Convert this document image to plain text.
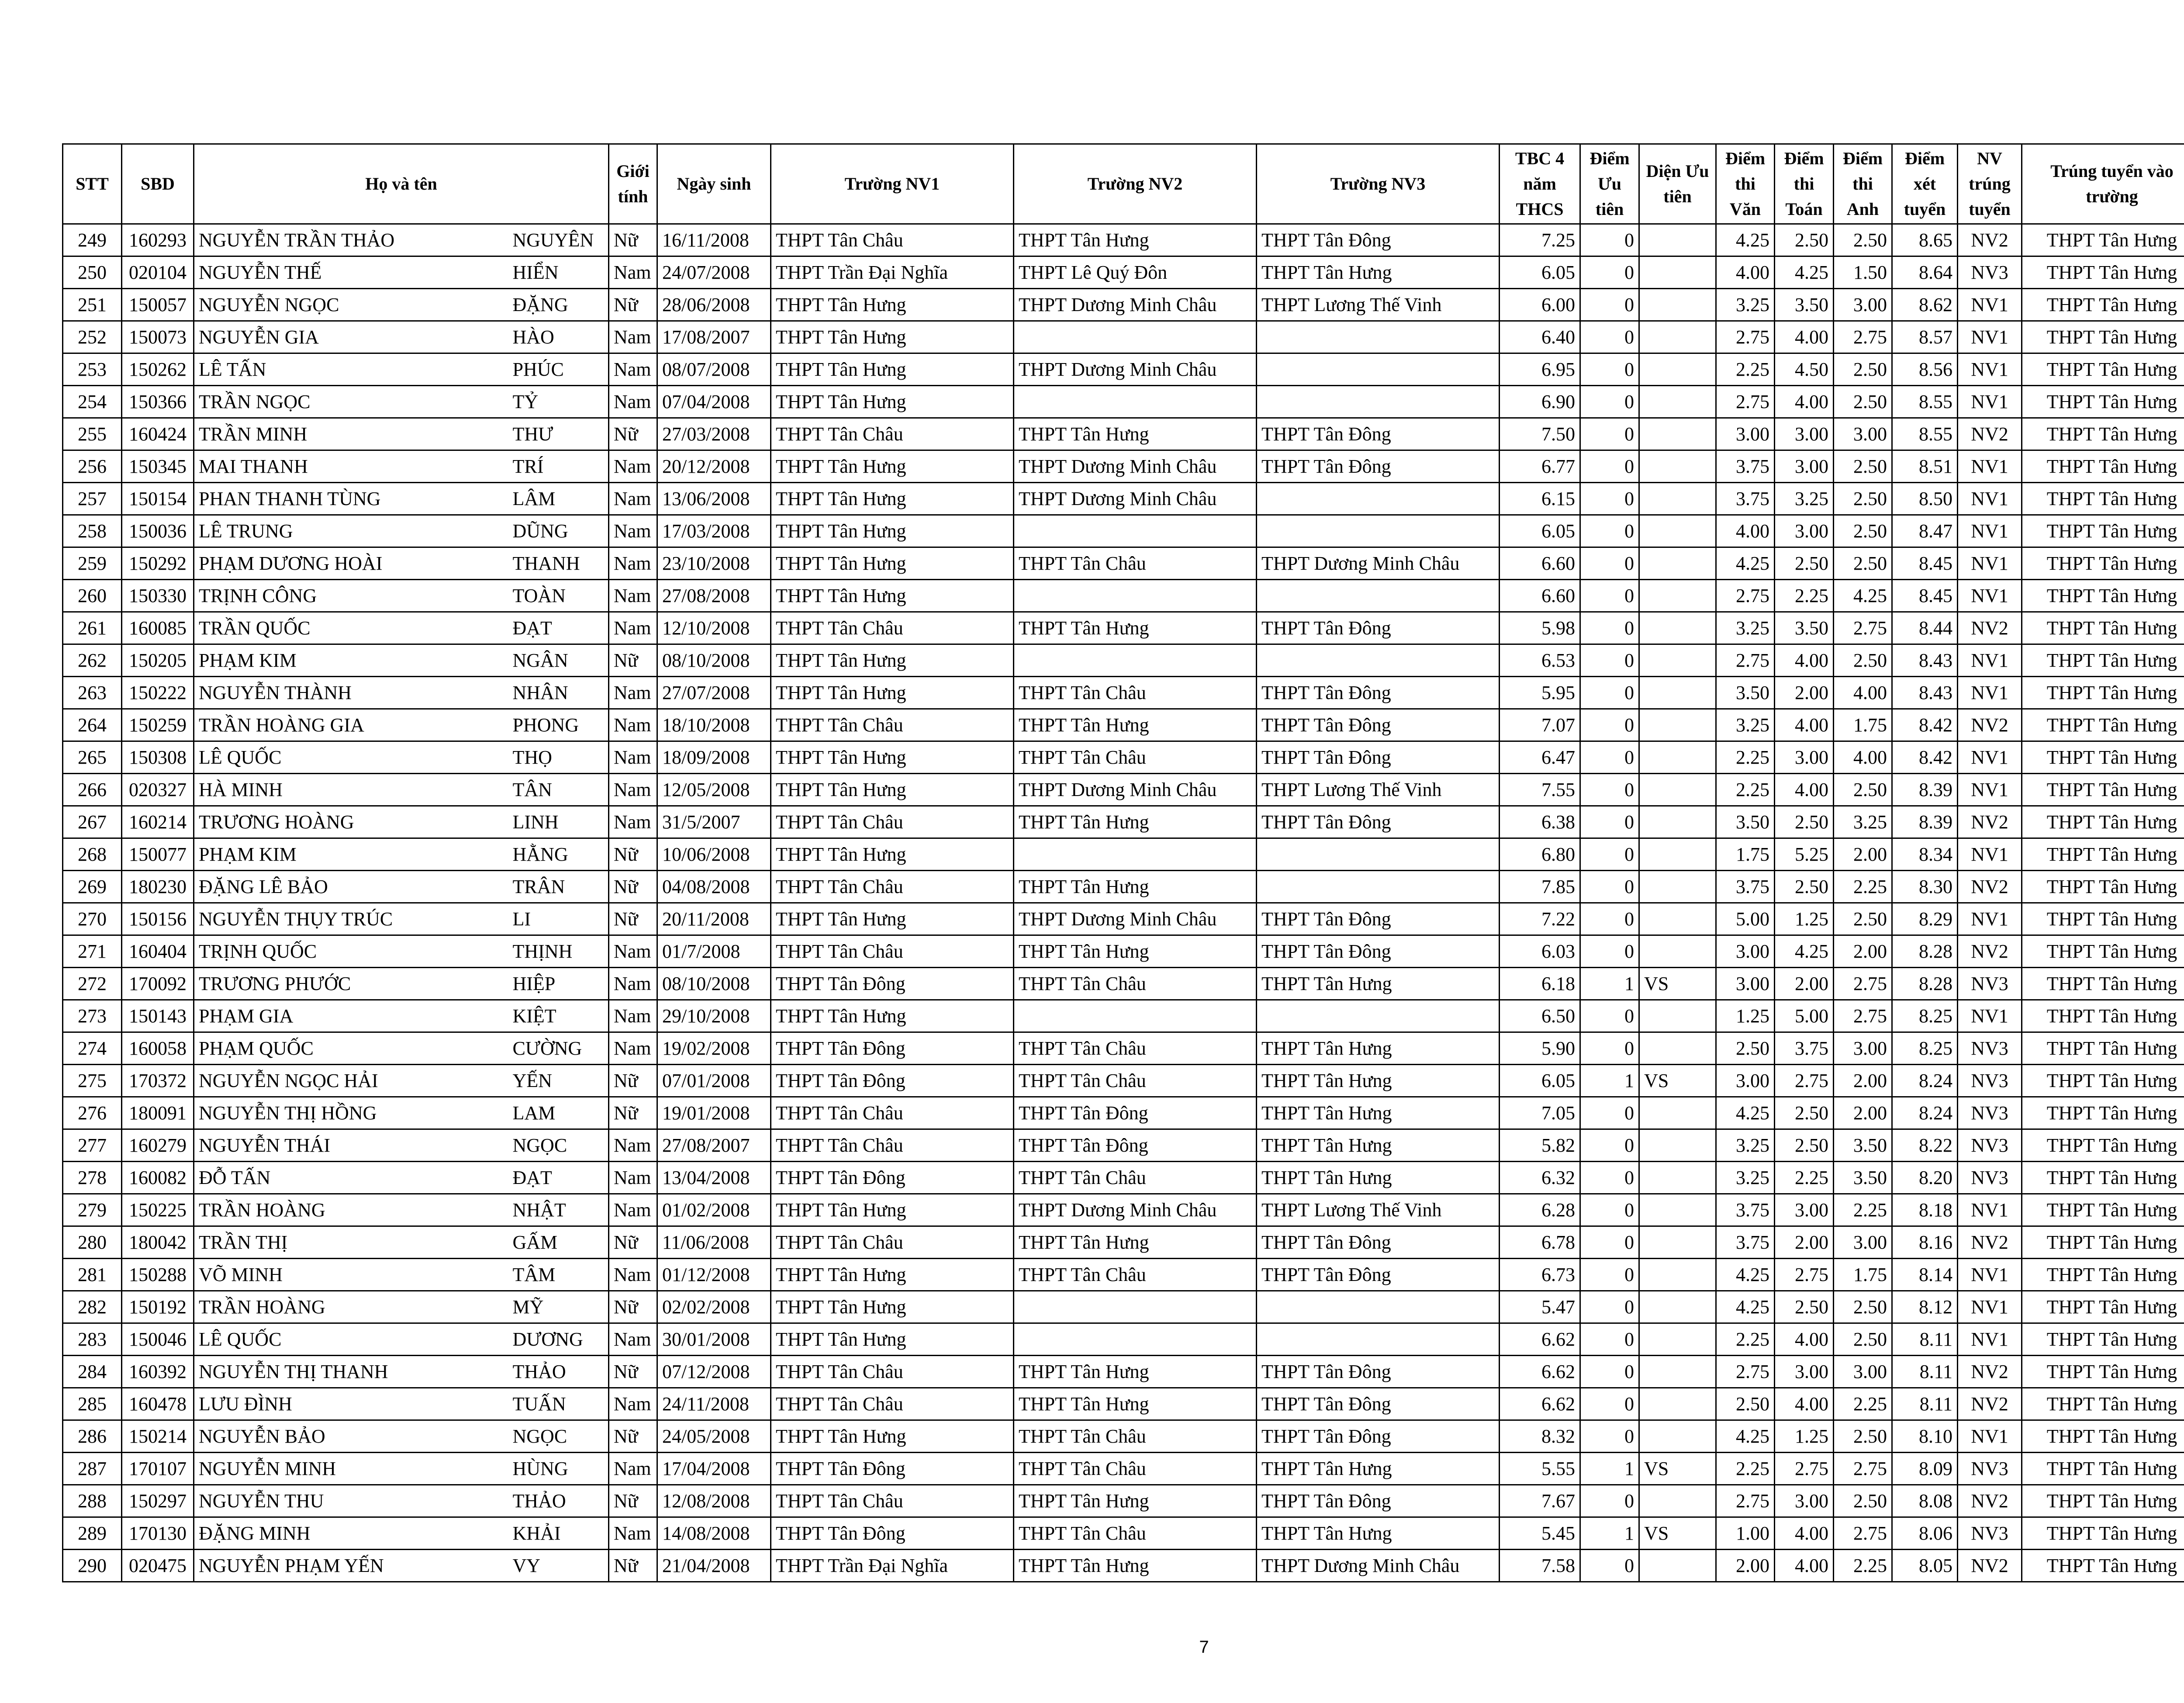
STT	SBD	Họ và tên		Giới tính	Ngày sinh	Trường NV1	Trường NV2	Trường NV3	TBC 4 năm THCS	Điểm Ưu tiên	Diện Ưu tiên	Điểm thi Văn	Điểm thi Toán	Điểm thi Anh	Điểm xét tuyển	NV trúng tuyển	Trúng tuyển vào trường	
249	160293	NGUYỄN TRẦN THẢO	NGUYÊN	Nữ	16/11/2008	THPT Tân Châu	THPT Tân Hưng	THPT Tân Đông	7.25	0		4.25	2.50	2.50	8.65	NV2	THPT Tân Hưng	
250	020104	NGUYỄN THẾ	HIỂN	Nam	24/07/2008	THPT Trần Đại Nghĩa	THPT Lê Quý Đôn	THPT Tân Hưng	6.05	0		4.00	4.25	1.50	8.64	NV3	THPT Tân Hưng	
251	150057	NGUYỄN NGỌC	ĐẶNG	Nữ	28/06/2008	THPT Tân Hưng	THPT Dương Minh Châu	THPT Lương Thế Vinh	6.00	0		3.25	3.50	3.00	8.62	NV1	THPT Tân Hưng	
252	150073	NGUYỄN GIA	HÀO	Nam	17/08/2007	THPT Tân Hưng			6.40	0		2.75	4.00	2.75	8.57	NV1	THPT Tân Hưng	
253	150262	LÊ TẤN	PHÚC	Nam	08/07/2008	THPT Tân Hưng	THPT Dương Minh Châu		6.95	0		2.25	4.50	2.50	8.56	NV1	THPT Tân Hưng	
254	150366	TRẦN NGỌC	TỶ	Nam	07/04/2008	THPT Tân Hưng			6.90	0		2.75	4.00	2.50	8.55	NV1	THPT Tân Hưng	
255	160424	TRẦN MINH	THƯ	Nữ	27/03/2008	THPT Tân Châu	THPT Tân Hưng	THPT Tân Đông	7.50	0		3.00	3.00	3.00	8.55	NV2	THPT Tân Hưng	
256	150345	MAI THANH	TRÍ	Nam	20/12/2008	THPT Tân Hưng	THPT Dương Minh Châu	THPT Tân Đông	6.77	0		3.75	3.00	2.50	8.51	NV1	THPT Tân Hưng	
257	150154	PHAN THANH TÙNG	LÂM	Nam	13/06/2008	THPT Tân Hưng	THPT Dương Minh Châu		6.15	0		3.75	3.25	2.50	8.50	NV1	THPT Tân Hưng	
258	150036	LÊ TRUNG	DŨNG	Nam	17/03/2008	THPT Tân Hưng			6.05	0		4.00	3.00	2.50	8.47	NV1	THPT Tân Hưng	
259	150292	PHẠM DƯƠNG HOÀI	THANH	Nam	23/10/2008	THPT Tân Hưng	THPT Tân Châu	THPT Dương Minh Châu	6.60	0		4.25	2.50	2.50	8.45	NV1	THPT Tân Hưng	
260	150330	TRỊNH CÔNG	TOÀN	Nam	27/08/2008	THPT Tân Hưng			6.60	0		2.75	2.25	4.25	8.45	NV1	THPT Tân Hưng	
261	160085	TRẦN QUỐC	ĐẠT	Nam	12/10/2008	THPT Tân Châu	THPT Tân Hưng	THPT Tân Đông	5.98	0		3.25	3.50	2.75	8.44	NV2	THPT Tân Hưng	
262	150205	PHẠM KIM	NGÂN	Nữ	08/10/2008	THPT Tân Hưng			6.53	0		2.75	4.00	2.50	8.43	NV1	THPT Tân Hưng	
263	150222	NGUYỄN THÀNH	NHÂN	Nam	27/07/2008	THPT Tân Hưng	THPT Tân Châu	THPT Tân Đông	5.95	0		3.50	2.00	4.00	8.43	NV1	THPT Tân Hưng	
264	150259	TRẦN HOÀNG GIA	PHONG	Nam	18/10/2008	THPT Tân Châu	THPT Tân Hưng	THPT Tân Đông	7.07	0		3.25	4.00	1.75	8.42	NV2	THPT Tân Hưng	
265	150308	LÊ QUỐC	THỌ	Nam	18/09/2008	THPT Tân Hưng	THPT Tân Châu	THPT Tân Đông	6.47	0		2.25	3.00	4.00	8.42	NV1	THPT Tân Hưng	
266	020327	HÀ MINH	TÂN	Nam	12/05/2008	THPT Tân Hưng	THPT Dương Minh Châu	THPT Lương Thế Vinh	7.55	0		2.25	4.00	2.50	8.39	NV1	THPT Tân Hưng	
267	160214	TRƯƠNG HOÀNG	LINH	Nam	31/5/2007	THPT Tân Châu	THPT Tân Hưng	THPT Tân Đông	6.38	0		3.50	2.50	3.25	8.39	NV2	THPT Tân Hưng	
268	150077	PHẠM KIM	HẰNG	Nữ	10/06/2008	THPT Tân Hưng			6.80	0		1.75	5.25	2.00	8.34	NV1	THPT Tân Hưng	
269	180230	ĐẶNG LÊ BẢO	TRÂN	Nữ	04/08/2008	THPT Tân Châu	THPT Tân Hưng		7.85	0		3.75	2.50	2.25	8.30	NV2	THPT Tân Hưng	
270	150156	NGUYỄN THỤY TRÚC	LI	Nữ	20/11/2008	THPT Tân Hưng	THPT Dương Minh Châu	THPT Tân Đông	7.22	0		5.00	1.25	2.50	8.29	NV1	THPT Tân Hưng	
271	160404	TRỊNH QUỐC	THỊNH	Nam	01/7/2008	THPT Tân Châu	THPT Tân Hưng	THPT Tân Đông	6.03	0		3.00	4.25	2.00	8.28	NV2	THPT Tân Hưng	
272	170092	TRƯƠNG PHƯỚC	HIỆP	Nam	08/10/2008	THPT Tân Đông	THPT Tân Châu	THPT Tân Hưng	6.18	1	VS	3.00	2.00	2.75	8.28	NV3	THPT Tân Hưng	
273	150143	PHẠM GIA	KIỆT	Nam	29/10/2008	THPT Tân Hưng			6.50	0		1.25	5.00	2.75	8.25	NV1	THPT Tân Hưng	
274	160058	PHẠM QUỐC	CƯỜNG	Nam	19/02/2008	THPT Tân Đông	THPT Tân Châu	THPT Tân Hưng	5.90	0		2.50	3.75	3.00	8.25	NV3	THPT Tân Hưng	
275	170372	NGUYỄN NGỌC HẢI	YẾN	Nữ	07/01/2008	THPT Tân Đông	THPT Tân Châu	THPT Tân Hưng	6.05	1	VS	3.00	2.75	2.00	8.24	NV3	THPT Tân Hưng	
276	180091	NGUYỄN THỊ HỒNG	LAM	Nữ	19/01/2008	THPT Tân Châu	THPT Tân Đông	THPT Tân Hưng	7.05	0		4.25	2.50	2.00	8.24	NV3	THPT Tân Hưng	
277	160279	NGUYỄN THÁI	NGỌC	Nam	27/08/2007	THPT Tân Châu	THPT Tân Đông	THPT Tân Hưng	5.82	0		3.25	2.50	3.50	8.22	NV3	THPT Tân Hưng	
278	160082	ĐỖ TẤN	ĐẠT	Nam	13/04/2008	THPT Tân Đông	THPT Tân Châu	THPT Tân Hưng	6.32	0		3.25	2.25	3.50	8.20	NV3	THPT Tân Hưng	
279	150225	TRẦN HOÀNG	NHẬT	Nam	01/02/2008	THPT Tân Hưng	THPT Dương Minh Châu	THPT Lương Thế Vinh	6.28	0		3.75	3.00	2.25	8.18	NV1	THPT Tân Hưng	
280	180042	TRẦN THỊ	GẤM	Nữ	11/06/2008	THPT Tân Châu	THPT Tân Hưng	THPT Tân Đông	6.78	0		3.75	2.00	3.00	8.16	NV2	THPT Tân Hưng	
281	150288	VÕ MINH	TÂM	Nam	01/12/2008	THPT Tân Hưng	THPT Tân Châu	THPT Tân Đông	6.73	0		4.25	2.75	1.75	8.14	NV1	THPT Tân Hưng	
282	150192	TRẦN HOÀNG	MỸ	Nữ	02/02/2008	THPT Tân Hưng			5.47	0		4.25	2.50	2.50	8.12	NV1	THPT Tân Hưng	
283	150046	LÊ QUỐC	DƯƠNG	Nam	30/01/2008	THPT Tân Hưng			6.62	0		2.25	4.00	2.50	8.11	NV1	THPT Tân Hưng	
284	160392	NGUYỄN THỊ THANH	THẢO	Nữ	07/12/2008	THPT Tân Châu	THPT Tân Hưng	THPT Tân Đông	6.62	0		2.75	3.00	3.00	8.11	NV2	THPT Tân Hưng	
285	160478	LƯU ĐÌNH	TUẤN	Nam	24/11/2008	THPT Tân Châu	THPT Tân Hưng	THPT Tân Đông	6.62	0		2.50	4.00	2.25	8.11	NV2	THPT Tân Hưng	
286	150214	NGUYỄN BẢO	NGỌC	Nữ	24/05/2008	THPT Tân Hưng	THPT Tân Châu	THPT Tân Đông	8.32	0		4.25	1.25	2.50	8.10	NV1	THPT Tân Hưng	
287	170107	NGUYỄN MINH	HÙNG	Nam	17/04/2008	THPT Tân Đông	THPT Tân Châu	THPT Tân Hưng	5.55	1	VS	2.25	2.75	2.75	8.09	NV3	THPT Tân Hưng	
288	150297	NGUYỄN THU	THẢO	Nữ	12/08/2008	THPT Tân Châu	THPT Tân Hưng	THPT Tân Đông	7.67	0		2.75	3.00	2.50	8.08	NV2	THPT Tân Hưng	
289	170130	ĐẶNG MINH	KHẢI	Nam	14/08/2008	THPT Tân Đông	THPT Tân Châu	THPT Tân Hưng	5.45	1	VS	1.00	4.00	2.75	8.06	NV3	THPT Tân Hưng	
290	020475	NGUYỄN PHẠM YẾN	VY	Nữ	21/04/2008	THPT Trần Đại Nghĩa	THPT Tân Hưng	THPT Dương Minh Châu	7.58	0		2.00	4.00	2.25	8.05	NV2	THPT Tân Hưng	
7
